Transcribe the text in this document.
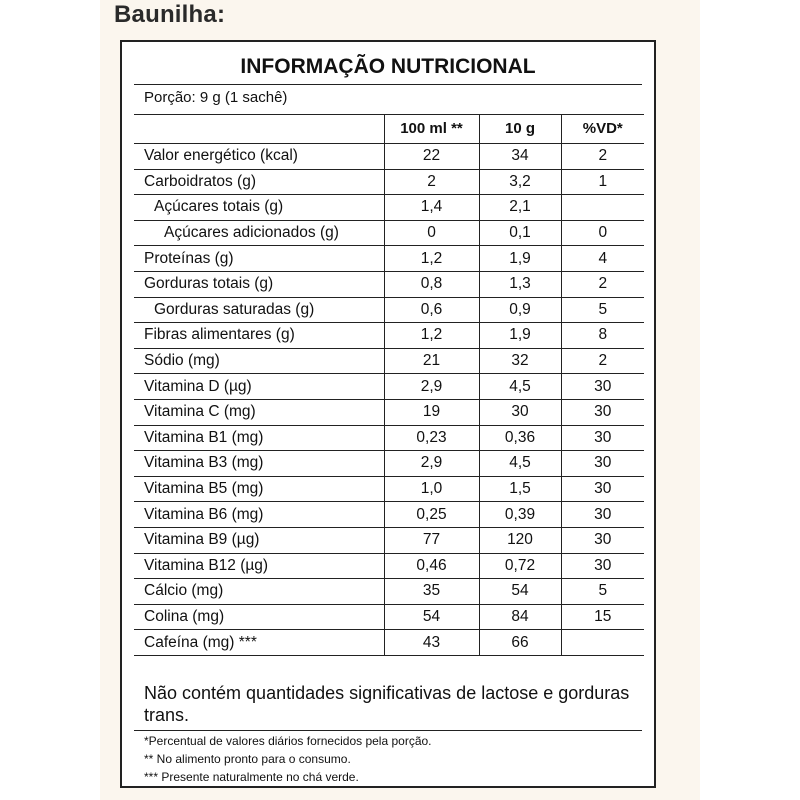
Baunilha:
INFORMAÇÃO NUTRICIONAL
Porção: 9 g (1 sachê)
	100 ml **	10 g	%VD*
Valor energético (kcal)	22	34	2
Carboidratos (g)	2	3,2	1
Açúcares totais (g)	1,4	2,1	
Açúcares adicionados (g)	0	0,1	0
Proteínas (g)	1,2	1,9	4
Gorduras totais (g)	0,8	1,3	2
Gorduras saturadas (g)	0,6	0,9	5
Fibras alimentares (g)	1,2	1,9	8
Sódio (mg)	21	32	2
Vitamina D (µg)	2,9	4,5	30
Vitamina C (mg)	19	30	30
Vitamina B1 (mg)	0,23	0,36	30
Vitamina B3 (mg)	2,9	4,5	30
Vitamina B5 (mg)	1,0	1,5	30
Vitamina B6 (mg)	0,25	0,39	30
Vitamina B9 (µg)	77	120	30
Vitamina B12 (µg)	0,46	0,72	30
Cálcio (mg)	35	54	5
Colina (mg)	54	84	15
Cafeína (mg) ***	43	66	
Não contém quantidades significativas de lactose e gorduras trans.
*Percentual de valores diários fornecidos pela porção.
** No alimento pronto para o consumo.
*** Presente naturalmente no chá verde.
